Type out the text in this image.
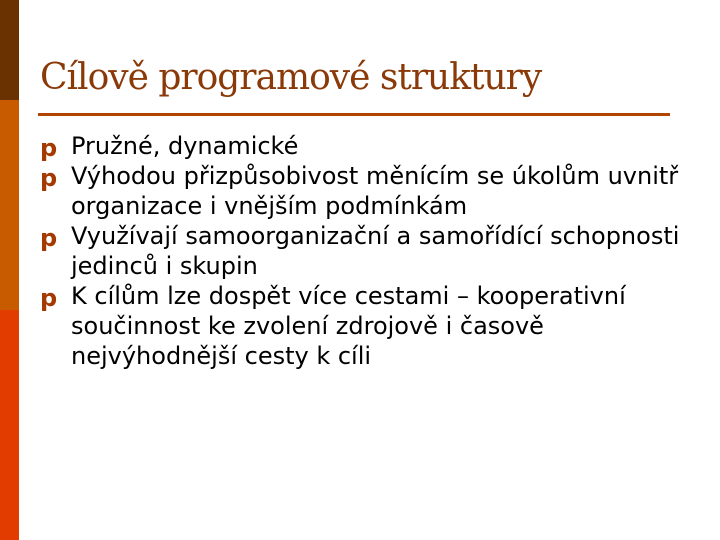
Cílově programové struktury
p Pružné, dynamické
p Výhodou přizpůsobivost měnícím se úkolům uvnitř organizace i vnějším podmínkám
p Využívají samoorganizační a samořídící schopnosti jedinců i skupin
p K cílům lze dospět více cestami – kooperativní součinnost ke zvolení zdrojově i časově nejvýhodnější cesty k cíli
